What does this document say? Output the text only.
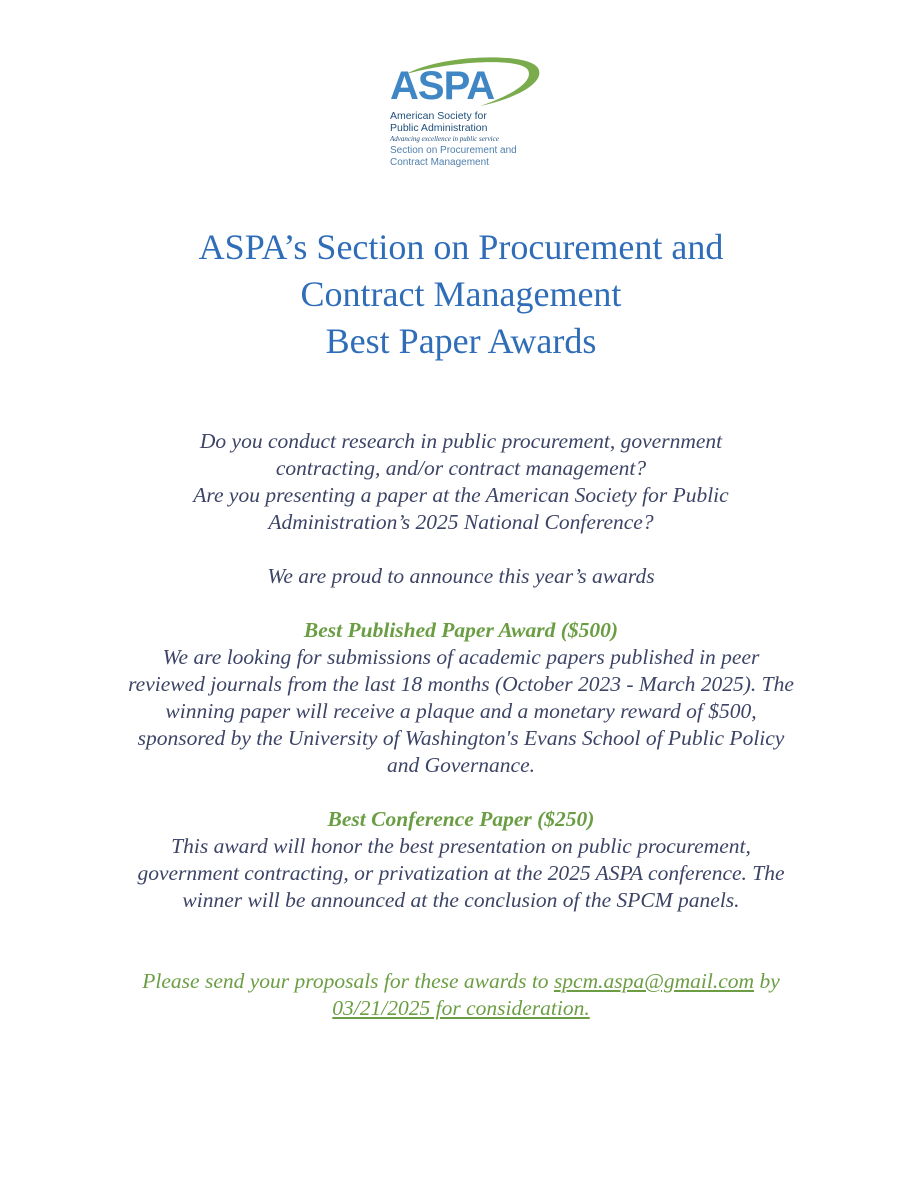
ASPA
American Society for
Public Administration
Advancing excellence in public service
Section on Procurement and
Contract Management
ASPA’s Section on Procurement and
Contract Management
Best Paper Awards
Do you conduct research in public procurement, government
contracting, and/or contract management?
Are you presenting a paper at the American Society for Public
Administration’s 2025 National Conference?
We are proud to announce this year’s awards
Best Published Paper Award ($500)
We are looking for submissions of academic papers published in peer
reviewed journals from the last 18 months (October 2023 - March 2025). The
winning paper will receive a plaque and a monetary reward of $500,
sponsored by the University of Washington's Evans School of Public Policy
and Governance.
Best Conference Paper ($250)
This award will honor the best presentation on public procurement,
government contracting, or privatization at the 2025 ASPA conference. The
winner will be announced at the conclusion of the SPCM panels.
Please send your proposals for these awards to spcm.aspa@gmail.com by
03/21/2025 for consideration.
